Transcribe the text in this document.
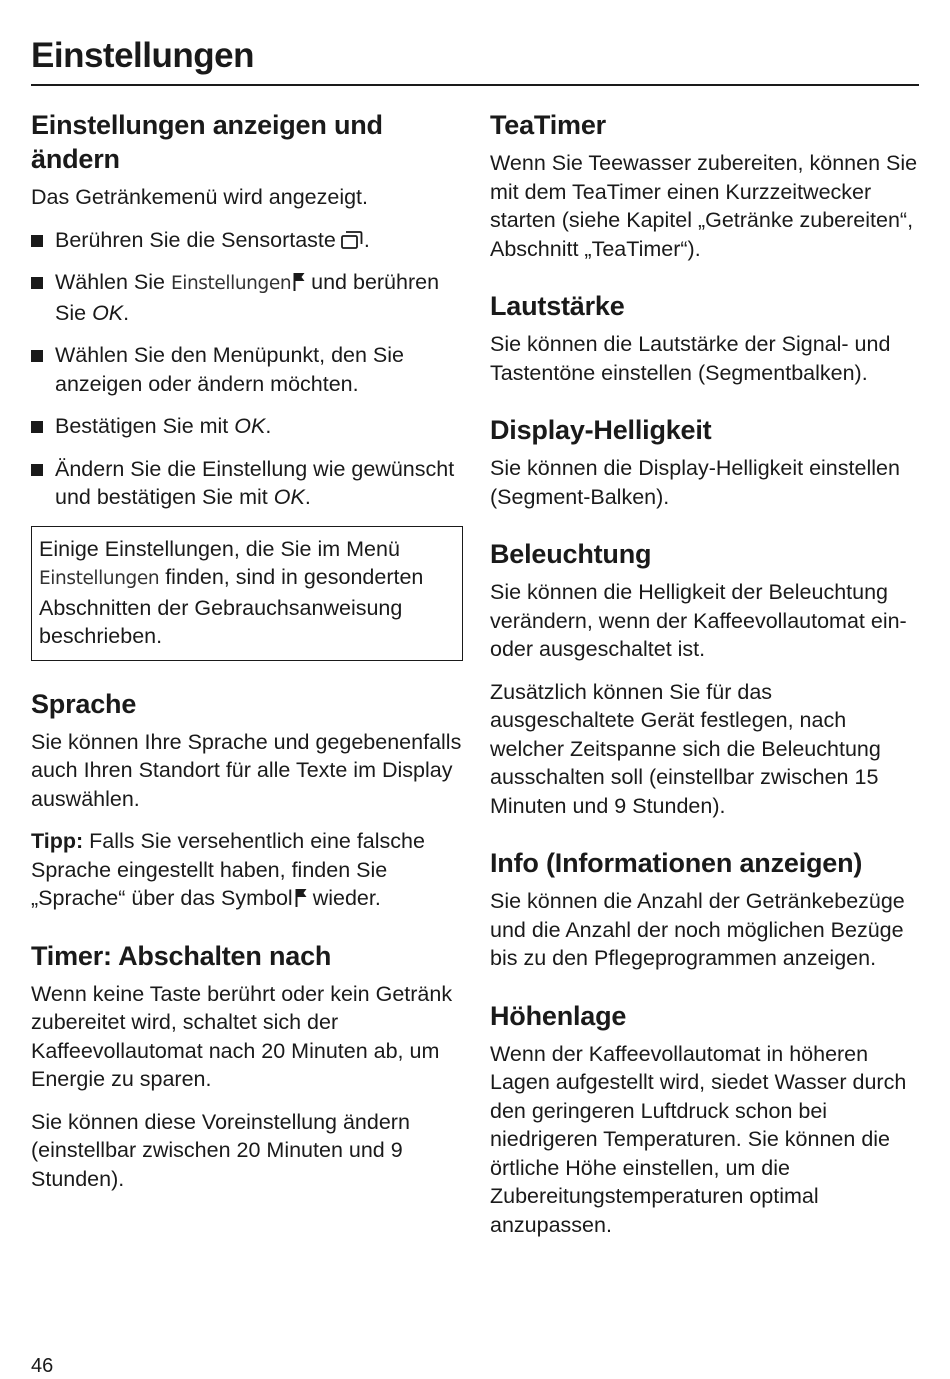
Einstellungen
Einstellungen anzeigen und ändern

Das Getränkemenü wird angezeigt.

Berühren Sie die Sensortaste .
Wählen Sie Einstellungen und berühren Sie OK.
Wählen Sie den Menüpunkt, den Sie anzeigen oder ändern möchten.
Bestätigen Sie mit OK.
Ändern Sie die Einstellung wie gewünscht und bestätigen Sie mit OK.
Einige Einstellungen, die Sie im Menü Einstellungen finden, sind in gesonderten Abschnitten der Gebrauchsanweisung beschrieben.
Sprache

Sie können Ihre Sprache und gegebenenfalls auch Ihren Standort für alle Texte im Display auswählen.

Tipp: Falls Sie versehentlich eine falsche Sprache eingestellt haben, finden Sie „Sprache“ über das Symbol wieder.

Timer: Abschalten nach

Wenn keine Taste berührt oder kein Getränk zubereitet wird, schaltet sich der Kaffeevollautomat nach 20 Minuten ab, um Energie zu sparen.

Sie können diese Voreinstellung ändern (einstellbar zwischen 20 Minuten und 9 Stunden).

TeaTimer

Wenn Sie Teewasser zubereiten, können Sie mit dem TeaTimer einen Kurzzeitwecker starten (siehe Kapitel „Getränke zubereiten“, Abschnitt „TeaTimer“).

Lautstärke

Sie können die Lautstärke der Signal- und Tastentöne einstellen (Segmentbalken).

Display-Helligkeit

Sie können die Display-Helligkeit einstellen (Segment-Balken).

Beleuchtung

Sie können die Helligkeit der Beleuchtung verändern, wenn der Kaffeevollautomat ein- oder ausgeschaltet ist.

Zusätzlich können Sie für das ausgeschaltete Gerät festlegen, nach welcher Zeitspanne sich die Beleuchtung ausschalten soll (einstellbar zwischen 15 Minuten und 9 Stunden).

Info (Informationen anzeigen)

Sie können die Anzahl der Getränkebezüge und die Anzahl der noch möglichen Bezüge bis zu den Pflegeprogrammen anzeigen.

Höhenlage

Wenn der Kaffeevollautomat in höheren Lagen aufgestellt wird, siedet Wasser durch den geringeren Luftdruck schon bei niedrigeren Temperaturen. Sie können die örtliche Höhe einstellen, um die Zubereitungstemperaturen optimal anzupassen.

46
